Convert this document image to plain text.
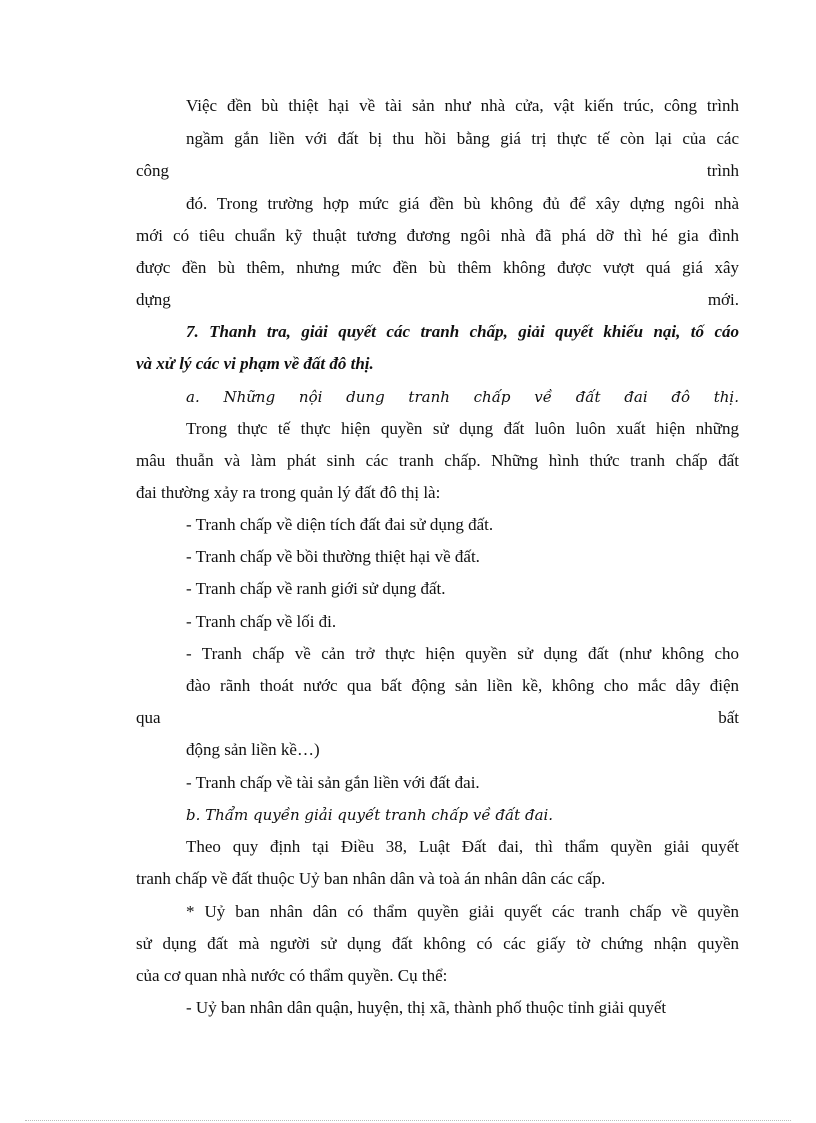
Việc đền bù thiệt hại về tài sản như nhà cửa, vật kiến trúc, công trình
ngầm gắn liền với đất bị thu hồi bằng giá trị thực tế còn lại của các
công	trình
đó. Trong trường hợp mức giá đền bù không đủ để xây dựng ngôi nhà
mới có tiêu chuẩn kỹ thuật tương đương ngôi nhà đã phá dỡ thì hé gia đình
được đền bù thêm, nhưng mức đền bù thêm không được vượt quá giá xây
dựng	mới.
7. Thanh tra, giải quyết các tranh chấp, giải quyết khiếu nại, tố cáo
và xử lý các vi phạm về đất đô thị.
a. Những nội dung tranh chấp về đất đai đô thị.
Trong thực tế thực hiện quyền sử dụng đất luôn luôn xuất hiện những
mâu thuẫn và làm phát sinh các tranh chấp. Những hình thức tranh chấp đất
đai thường xảy ra trong quản lý đất đô thị là:
- Tranh chấp về diện tích đất đai sử dụng đất.
- Tranh chấp về bồi thường thiệt hại về đất.
- Tranh chấp về ranh giới sử dụng đất.
- Tranh chấp về lối đi.
- Tranh chấp về cản trở thực hiện quyền sử dụng đất (như không cho
đào rãnh thoát nước qua bất động sản liền kề, không cho mắc dây điện
qua	bất
động sản liền kề…)
- Tranh chấp về tài sản gắn liền với đất đai.
b. Thẩm quyền giải quyết tranh chấp về đất đai.
Theo quy định tại Điều 38, Luật Đất đai, thì thẩm quyền giải quyết
tranh chấp về đất thuộc Uỷ ban nhân dân và toà án nhân dân các cấp.
* Uỷ ban nhân dân có thẩm quyền giải quyết các tranh chấp về quyền
sử dụng đất mà người sử dụng đất không có các giấy tờ chứng nhận quyền
của cơ quan nhà nước có thẩm quyền. Cụ thể:
- Uỷ ban nhân dân quận, huyện, thị xã, thành phố thuộc tỉnh giải quyết
